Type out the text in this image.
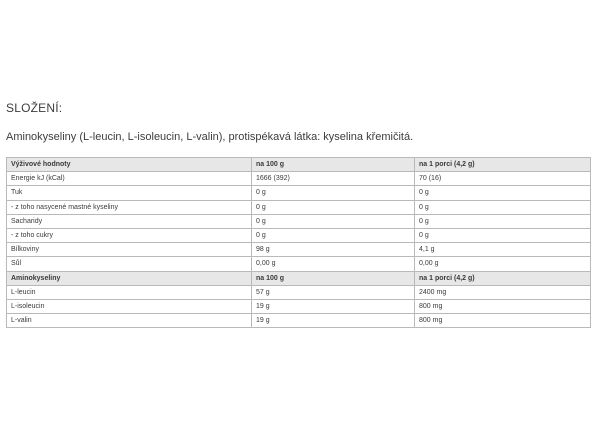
SLOŽENÍ:
Aminokyseliny (L-leucin, L-isoleucin, L-valin), protispékavá látka: kyselina křemičitá.
Výživové hodnoty	na 100 g	na 1 porci (4,2 g)
Energie kJ (kCal)	1666 (392)	70 (16)
Tuk	0 g	0 g
- z toho nasycené mastné kyseliny	0 g	0 g
Sacharidy	0 g	0 g
- z toho cukry	0 g	0 g
Bílkoviny	98 g	4,1 g
Sůl	0,00 g	0,00 g
Aminokyseliny	na 100 g	na 1 porci (4,2 g)
L-leucin	57 g	2400 mg
L-isoleucin	19 g	800 mg
L-valin	19 g	800 mg
